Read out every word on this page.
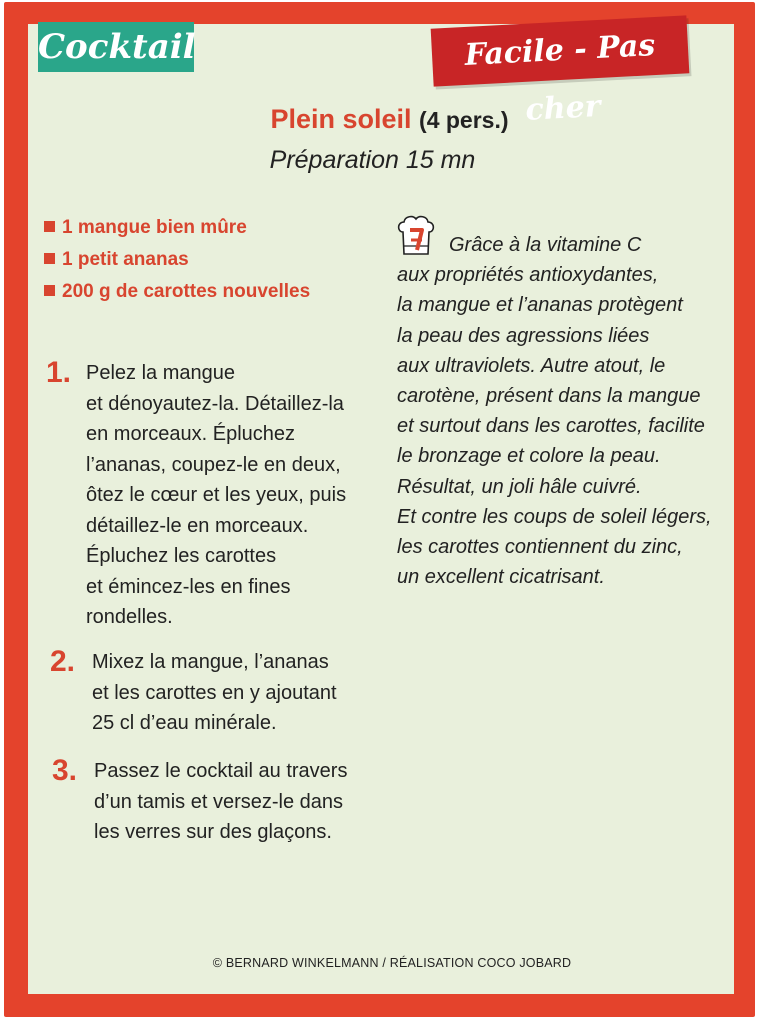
Cocktail	Facile - Pas cher
Plein soleil (4 pers.)
Préparation 15 mn
1 mangue bien mûre
1 petit ananas
200 g de carottes nouvelles
1. Pelez la mangue
et dénoyautez-la. Détaillez-la
en morceaux. Épluchez
l’ananas, coupez-le en deux,
ôtez le cœur et les yeux, puis
détaillez-le en morceaux.
Épluchez les carottes
et émincez-les en fines
rondelles.
2. Mixez la mangue, l’ananas
et les carottes en y ajoutant
25 cl d’eau minérale.
3. Passez le cocktail au travers
d’un tamis et versez-le dans
les verres sur des glaçons.
Grâce à la vitamine C
aux propriétés antioxydantes,
la mangue et l’ananas protègent
la peau des agressions liées
aux ultraviolets. Autre atout, le
carotène, présent dans la mangue
et surtout dans les carottes, facilite
le bronzage et colore la peau.
Résultat, un joli hâle cuivré.
Et contre les coups de soleil légers,
les carottes contiennent du zinc,
un excellent cicatrisant.
© BERNARD WINKELMANN / RÉALISATION COCO JOBARD
